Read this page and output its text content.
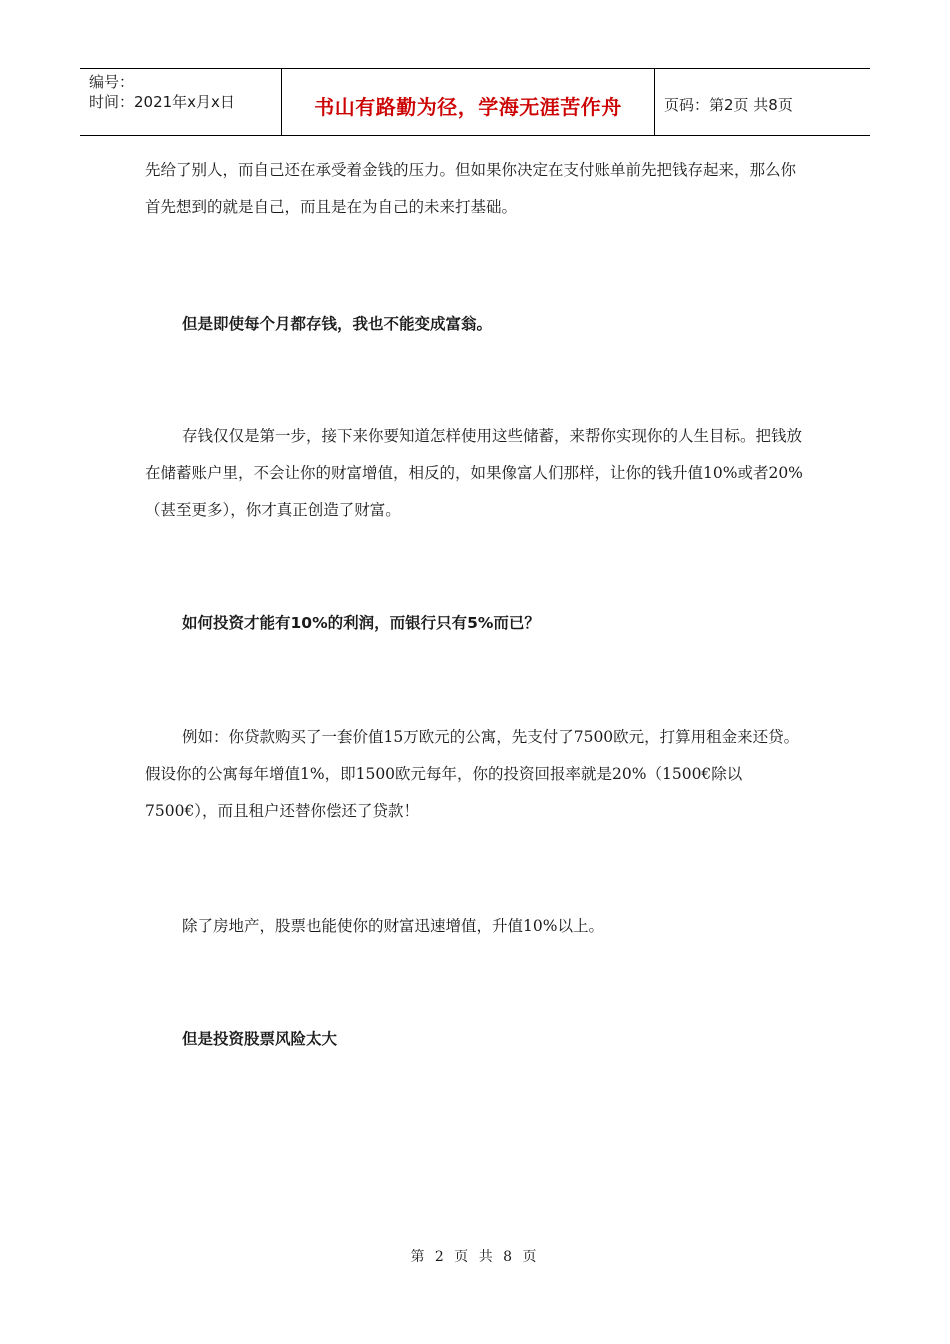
编号：
时间：2021年x月x日	书山有路勤为径，学海无涯苦作舟	页码：第2页 共8页

先给了别人，而自己还在承受着金钱的压力。但如果你决定在支付账单前先把钱存起来，那么你首先想到的就是自己，而且是在为自己的未来打基础。

但是即使每个月都存钱，我也不能变成富翁。

存钱仅仅是第一步，接下来你要知道怎样使用这些储蓄，来帮你实现你的人生目标。把钱放在储蓄账户里，不会让你的财富增值，相反的，如果像富人们那样，让你的钱升值10%或者20%（甚至更多），你才真正创造了财富。

如何投资才能有10%的利润，而银行只有5%而已？

例如：你贷款购买了一套价值15万欧元的公寓，先支付了7500欧元，打算用租金来还贷。假设你的公寓每年增值1%，即1500欧元每年，你的投资回报率就是20%（1500€除以7500€），而且租户还替你偿还了贷款！

除了房地产，股票也能使你的财富迅速增值，升值10%以上。

但是投资股票风险太大

第 2 页 共 8 页
